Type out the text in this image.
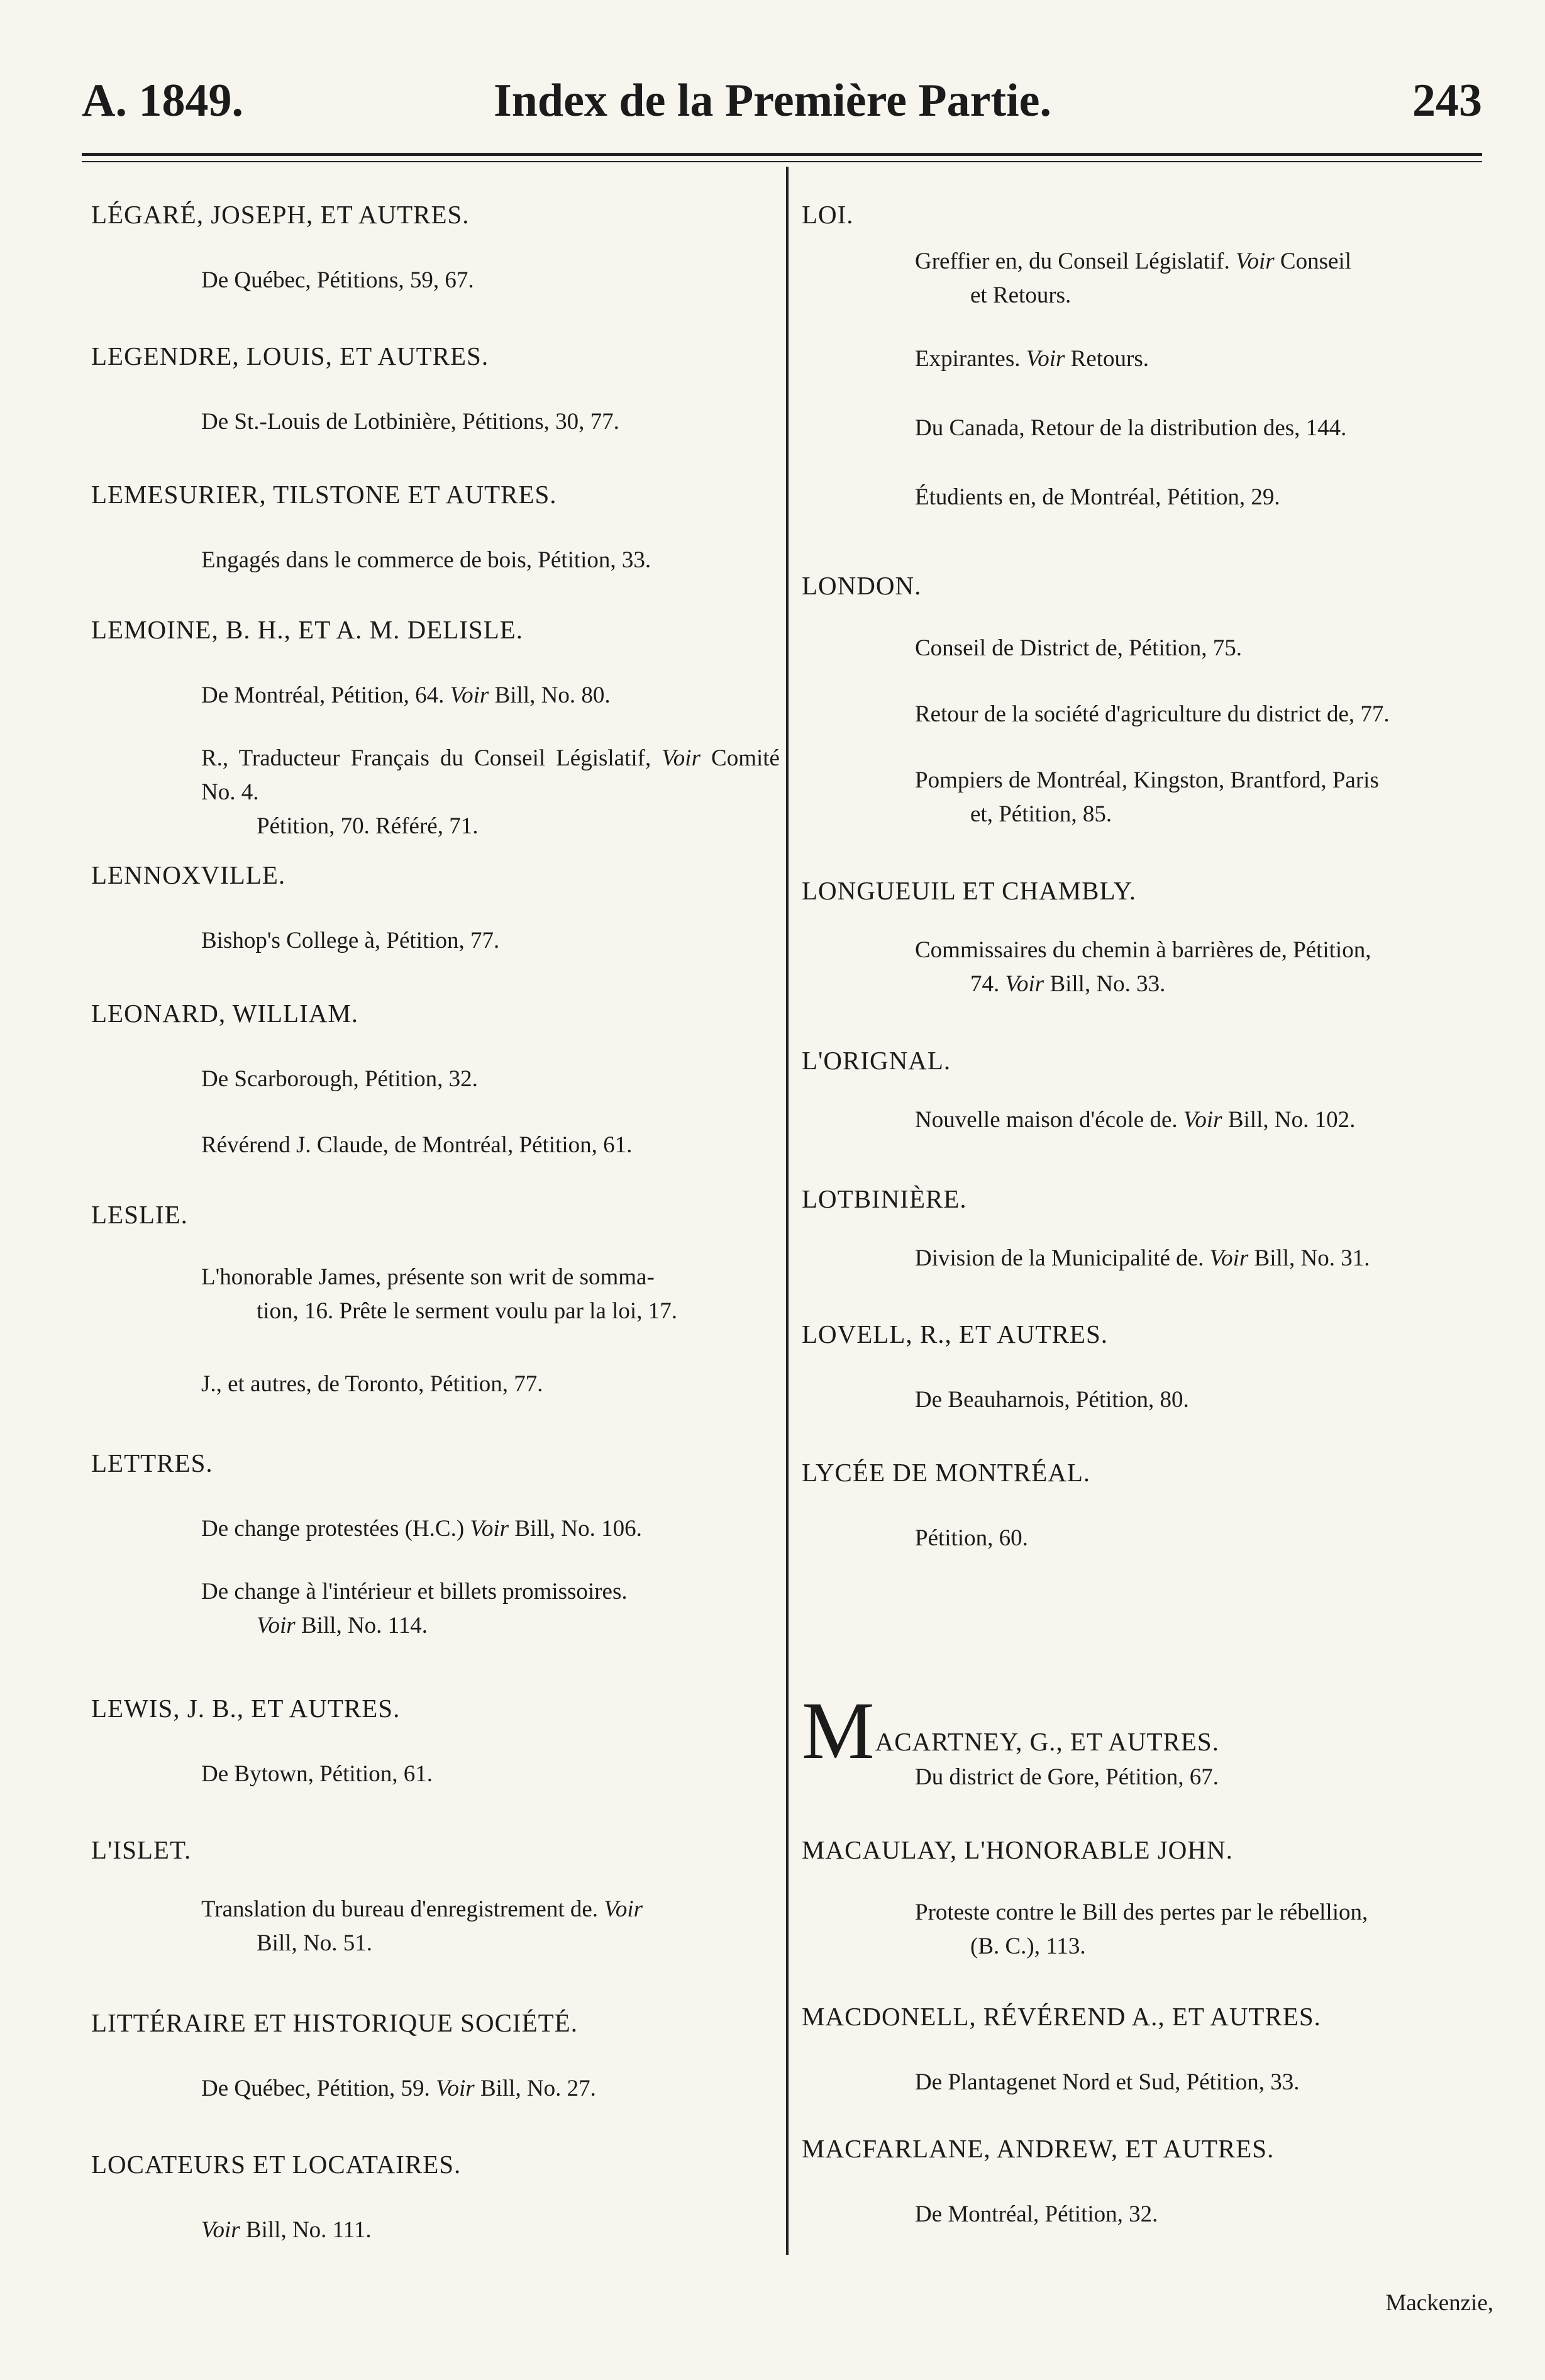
A. 1849.	Index de la Première Partie.	243
LÉGARÉ, JOSEPH, ET AUTRES.
De Québec, Pétitions, 59, 67.
LEGENDRE, LOUIS, ET AUTRES.
De St.-Louis de Lotbinière, Pétitions, 30, 77.
LEMESURIER, TILSTONE ET AUTRES.
Engagés dans le commerce de bois, Pétition, 33.
LEMOINE, B. H., ET A. M. DELISLE.
De Montréal, Pétition, 64. Voir Bill, No. 80.
R., Traducteur Français du Conseil Législatif, Voir Comité No. 4.
Pétition, 70. Référé, 71.
LENNOXVILLE.
Bishop's College à, Pétition, 77.
LEONARD, WILLIAM.
De Scarborough, Pétition, 32.
Révérend J. Claude, de Montréal, Pétition, 61.
LESLIE.
L'honorable James, présente son writ de somma-
tion, 16. Prête le serment voulu par la loi, 17.
J., et autres, de Toronto, Pétition, 77.
LETTRES.
De change protestées (H.C.) Voir Bill, No. 106.
De change à l'intérieur et billets promissoires.
Voir Bill, No. 114.
LEWIS, J. B., ET AUTRES.
De Bytown, Pétition, 61.
L'ISLET.
Translation du bureau d'enregistrement de. Voir
Bill, No. 51.
LITTÉRAIRE ET HISTORIQUE SOCIÉTÉ.
De Québec, Pétition, 59. Voir Bill, No. 27.
LOCATEURS ET LOCATAIRES.
Voir Bill, No. 111.
LOI.
Greffier en, du Conseil Législatif. Voir Conseil
et Retours.
Expirantes. Voir Retours.
Du Canada, Retour de la distribution des, 144.
Étudients en, de Montréal, Pétition, 29.
LONDON.
Conseil de District de, Pétition, 75.
Retour de la société d'agriculture du district de, 77.
Pompiers de Montréal, Kingston, Brantford, Paris
et, Pétition, 85.
LONGUEUIL ET CHAMBLY.
Commissaires du chemin à barrières de, Pétition,
74. Voir Bill, No. 33.
L'ORIGNAL.
Nouvelle maison d'école de. Voir Bill, No. 102.
LOTBINIÈRE.
Division de la Municipalité de. Voir Bill, No. 31.
LOVELL, R., ET AUTRES.
De Beauharnois, Pétition, 80.
LYCÉE DE MONTRÉAL.
Pétition, 60.
MACARTNEY, G., ET AUTRES.
Du district de Gore, Pétition, 67.
MACAULAY, L'HONORABLE JOHN.
Proteste contre le Bill des pertes par le rébellion,
(B. C.), 113.
MACDONELL, RÉVÉREND A., ET AUTRES.
De Plantagenet Nord et Sud, Pétition, 33.
MACFARLANE, ANDREW, ET AUTRES.
De Montréal, Pétition, 32.
Mackenzie,
